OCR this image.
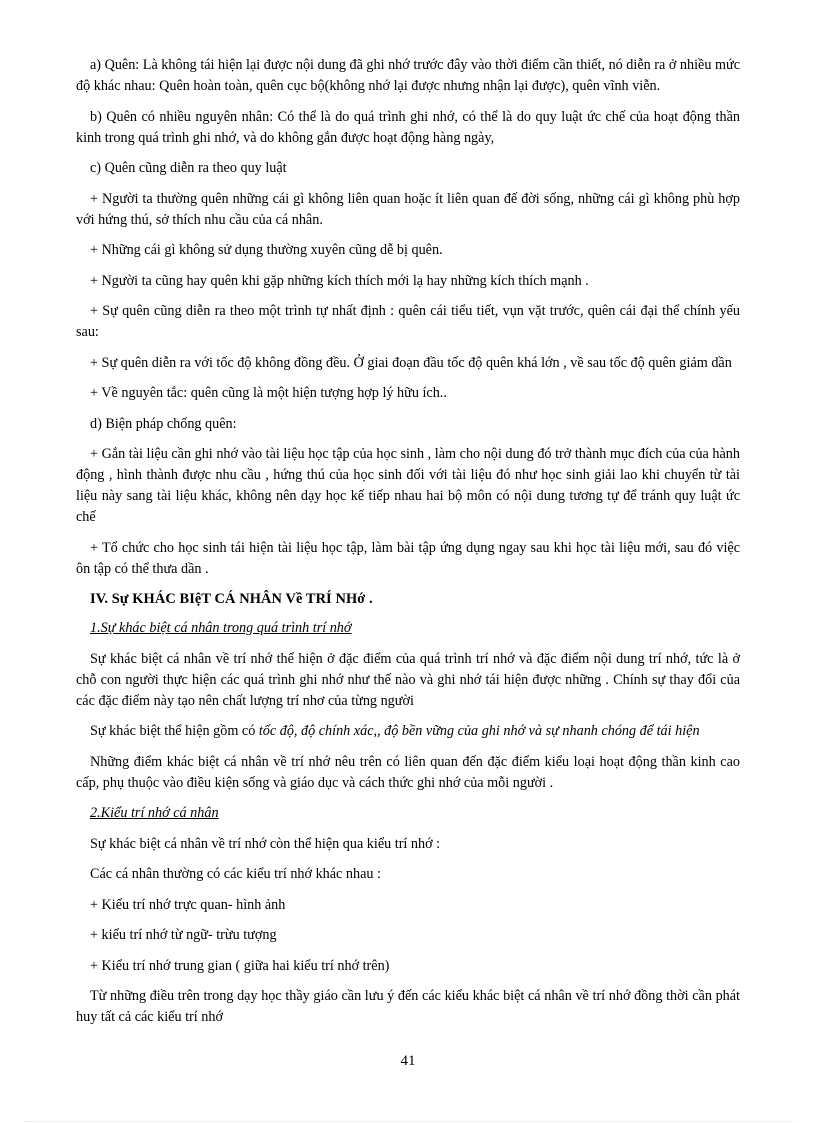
a) Quên: Là không tái hiện lại được nội dung đã ghi nhớ trước đây vào thời điểm cần thiết, nó diễn ra ở nhiều mức độ khác nhau: Quên hoàn toàn, quên cục bộ(không nhớ lại được nhưng nhận lại được), quên vĩnh viễn.

b) Quên có nhiều nguyên nhân: Có thể là do quá trình ghi nhớ, có thể là do quy luật ức chế của hoạt động thần kinh trong quá trình ghi nhớ, và do không gắn được hoạt động hàng ngày,

c) Quên cũng diễn ra theo quy luật

+ Người ta thường quên những cái gì không liên quan hoặc ít liên quan đế đời sống, những cái gì không phù hợp với hứng thú, sở thích nhu cầu của cá nhân.

+ Những cái gì không sử dụng thường xuyên cũng dễ bị quên.

+ Người ta cũng hay quên khi gặp những kích thích mới lạ hay những kích thích mạnh .

+ Sự quên cũng diễn ra theo một trình tự nhất định : quên cái tiểu tiết, vụn vặt trước, quên cái đại thể chính yếu sau:

+ Sự quên diễn ra với tốc độ không đồng đều. Ở giai đoạn đầu tốc độ quên khá lớn , về sau tốc độ quên giảm dần

+ Về nguyên tắc: quên cũng là một hiện tượng hợp lý hữu ích..

d) Biện pháp chống quên:

+ Gắn tài liệu cần ghi nhớ vào tài liệu học tập của học sinh , làm cho nội dung đó trở thành mục đích của của hành động , hình thành được nhu cầu , hứng thú của học sinh đối với tài liệu đó như học sinh giải lao khi chuyển từ tài liệu này sang tài liệu khác, không nên dạy học kế tiếp nhau hai bộ môn có nội dung tương tự để tránh quy luật ức chế

+ Tổ chức cho học sinh tái hiện tài liệu học tập, làm bài tập ứng dụng ngay sau khi học tài liệu mới, sau đó việc ôn tập có thể thưa dần .

IV. Sự KHÁC BIệT CÁ NHÂN Về TRÍ NHớ .

1.Sự khác biệt cá nhân trong quá trình trí nhớ

Sự khác biệt cá nhân về trí nhớ thể hiện ở đặc điểm của quá trình trí nhớ và đặc điểm nội dung trí nhớ, tức là ở chỗ con người thực hiện các quá trình ghi nhớ như thế nào và ghi nhớ tái hiện được những . Chính sự thay đổi của các đặc điểm này tạo nên chất lượng trí nhơ của từng người

Sự khác biệt thể hiện gồm có tốc độ, độ chính xác,, độ bền vững của ghi nhớ và sự nhanh chóng để tái hiện

Những điểm khác biệt cá nhân về trí nhớ nêu trên có liên quan đến đặc điểm kiểu loại hoạt động thần kinh cao cấp, phụ thuộc vào điều kiện sống và giáo dục và cách thức ghi nhớ của mỗi người .

2.Kiểu trí nhớ cá nhân

Sự khác biệt cá nhân về trí nhớ còn thể hiện qua kiểu trí nhớ :

Các cá nhân thường có các kiểu trí nhớ khác nhau :

+ Kiểu trí nhớ trực quan- hình ảnh

+ kiểu trí nhớ từ ngữ- trừu tượng

+ Kiểu trí nhớ trung gian ( giữa hai kiểu trí nhớ trên)

Từ những điều trên trong dạy học thầy giáo cần lưu ý đến các kiểu khác biệt cá nhân về trí nhớ đồng thời cần phát huy tất cả các kiểu trí nhớ

41
